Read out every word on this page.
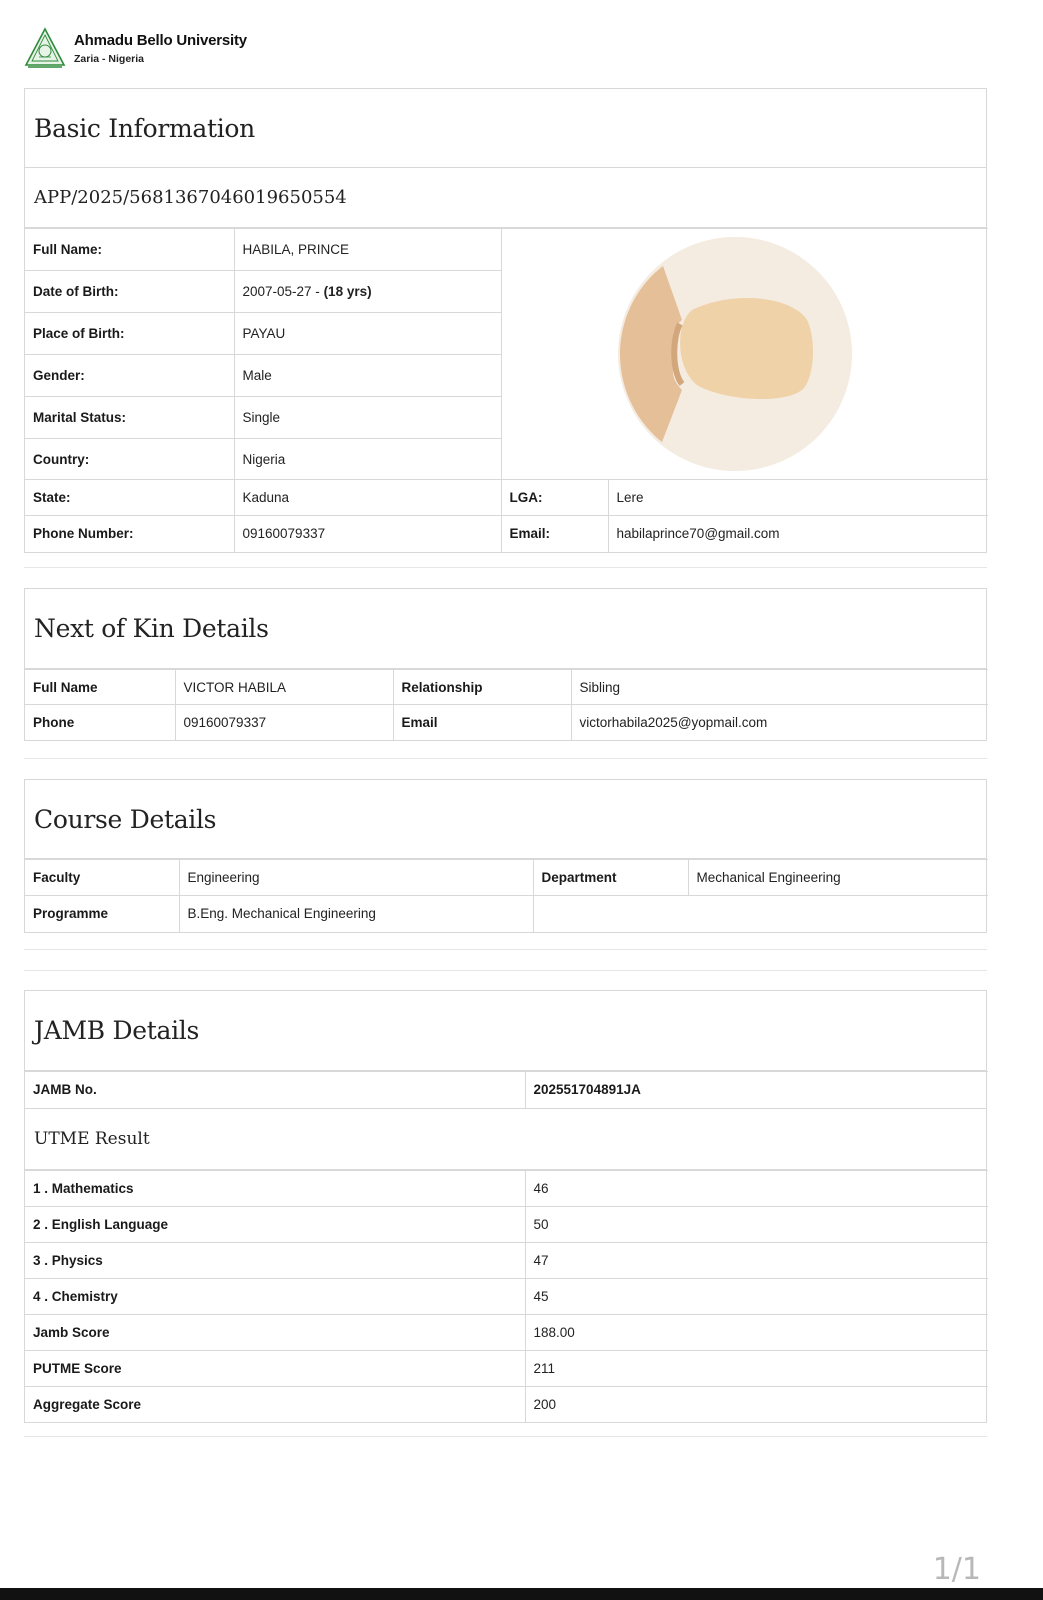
Ahmadu Bello University
Zaria - Nigeria
Basic Information
APP/2025/5681367046019650554
Full Name:	HABILA, PRINCE	

Date of Birth:	2007-05-27 - (18 yrs)		
Place of Birth:	PAYAU		
Gender:	Male		
Marital Status:	Single		
Country:	Nigeria		
State:	Kaduna	LGA:	Lere
Phone Number:	09160079337	Email:	habilaprince70@gmail.com
Next of Kin Details
Full Name	VICTOR HABILA	Relationship	Sibling
Phone	09160079337	Email	victorhabila2025@yopmail.com
Course Details
Faculty	Engineering	Department	Mechanical Engineering
Programme	B.Eng. Mechanical Engineering		
JAMB Details
JAMB No.	202551704891JA
UTME Result
1 . Mathematics	46
2 . English Language	50
3 . Physics	47
4 . Chemistry	45
Jamb Score	188.00
PUTME Score	211
Aggregate Score	200
1/1
